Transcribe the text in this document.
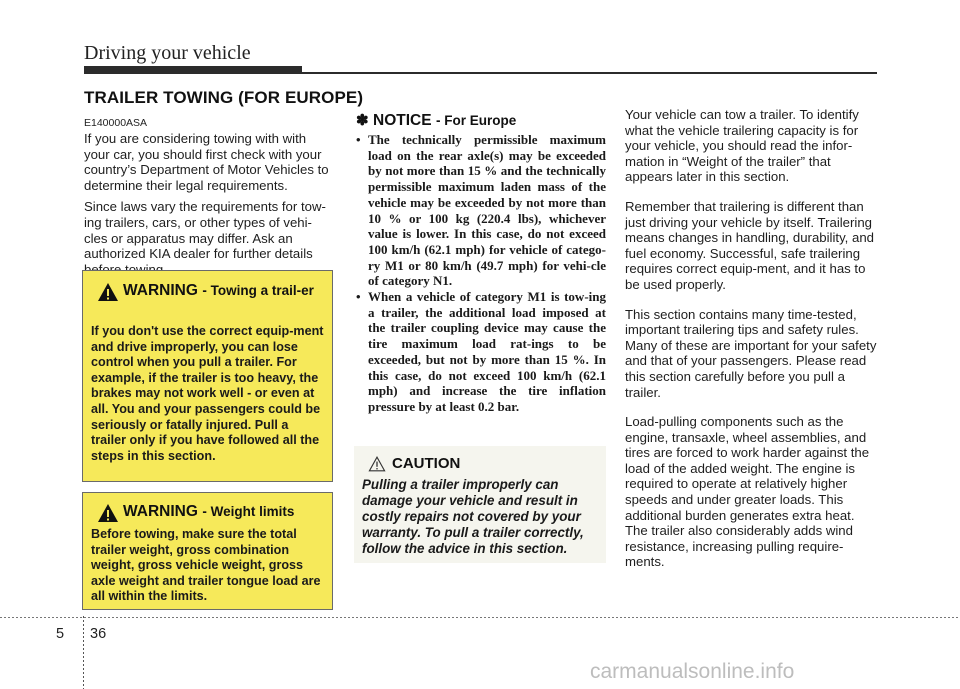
Driving your vehicle
TRAILER TOWING (FOR EUROPE)
E140000ASA

If you are considering towing with with your car, you should first check with your country’s Department of Motor Vehicles to determine their legal requirements.

Since laws vary the requirements for tow-ing trailers, cars, or other types of vehi-cles or apparatus may differ. Ask an authorized KIA dealer for further details

WARNING - Towing a trail-er
If you don't use the correct equip-ment and drive improperly, you can lose control when you pull a trailer. For example, if the trailer is too heavy, the brakes may not work well - or even at all. You and your passengers could be seriously or fatally injured. Pull a trailer only if you have followed all the steps in this section.
WARNING - Weight limits
Before towing, make sure the total trailer weight, gross combination weight, gross vehicle weight, gross axle weight and trailer tongue load are all within the limits.
✽ NOTICE - For Europe
• The technically permissible maximum load on the rear axle(s) may be exceeded by not more than 15 % and the technically permissible maximum laden mass of the vehicle may be exceeded by not more than 10 % or 100 kg (220.4 lbs), whichever value is lower. In this case, do not exceed 100 km/h (62.1 mph) for vehicle of catego-ry M1 or 80 km/h (49.7 mph) for vehi-cle of category N1.
• When a vehicle of category M1 is tow-ing a trailer, the additional load imposed at the trailer coupling device may cause the tire maximum load rat-ings to be exceeded, but not by more than 15 %. In this case, do not exceed 100 km/h (62.1 mph) and increase the tire inflation pressure by at least 0.2 bar.
CAUTION
Pulling a trailer improperly can damage your vehicle and result in costly repairs not covered by your warranty. To pull a trailer correctly, follow the advice in this section.

Your vehicle can tow a trailer. To identify what the vehicle trailering capacity is for your vehicle, you should read the infor-mation in “Weight of the trailer” that appears later in this section.

Remember that trailering is different than just driving your vehicle by itself. Trailering means changes in handling, durability, and fuel economy. Successful, safe trailering requires correct equip-ment, and it has to be used properly.

This section contains many time-tested, important trailering tips and safety rules. Many of these are important for your safety and that of your passengers. Please read this section carefully before you pull a trailer.

Load-pulling components such as the engine, transaxle, wheel assemblies, and tires are forced to work harder against the load of the added weight. The engine is required to operate at relatively higher speeds and under greater loads. This additional burden generates extra heat. The trailer also considerably adds wind resistance, increasing pulling require-ments.

5 36
carmanualsonline.info
